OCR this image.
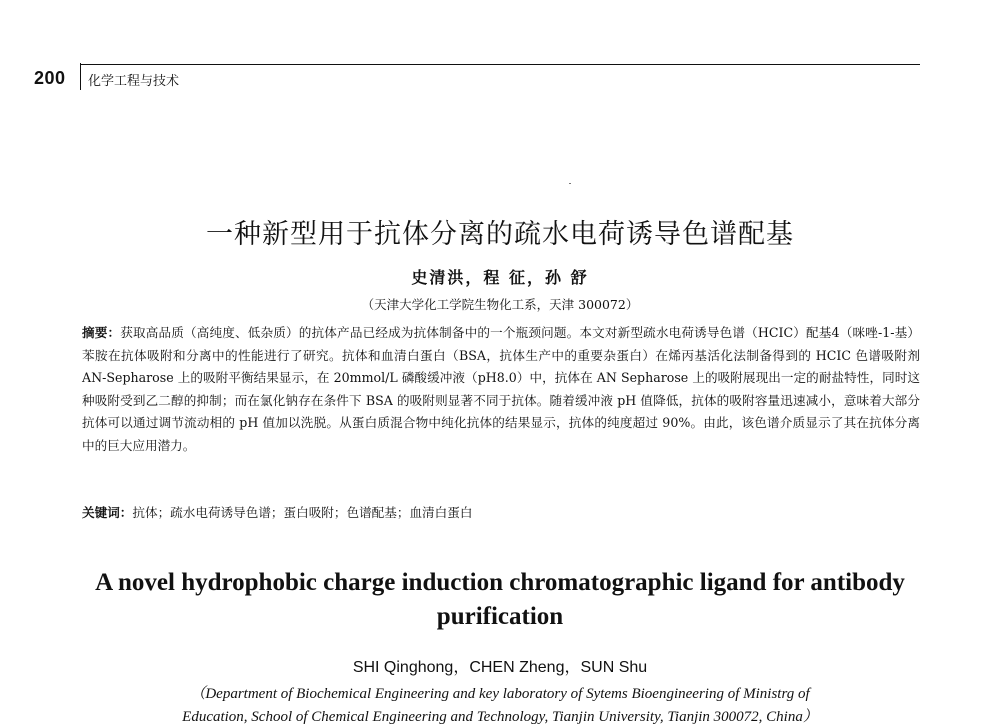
200 化学工程与技术
一种新型用于抗体分离的疏水电荷诱导色谱配基
史清洪，程 征，孙 舒
（天津大学化工学院生物化工系，天津 300072）
摘要：获取高品质（高纯度、低杂质）的抗体产品已经成为抗体制备中的一个瓶颈问题。本文对新型疏水电荷诱导色谱（HCIC）配基4（咪唑-1-基）苯胺在抗体吸附和分离中的性能进行了研究。抗体和血清白蛋白（BSA，抗体生产中的重要杂蛋白）在烯丙基活化法制备得到的 HCIC 色谱吸附剂 AN-Sepharose 上的吸附平衡结果显示，在 20mmol/L 磷酸缓冲液（pH8.0）中，抗体在 AN Sepharose 上的吸附展现出一定的耐盐特性，同时这种吸附受到乙二醇的抑制；而在氯化钠存在条件下 BSA 的吸附则显著不同于抗体。随着缓冲液 pH 值降低，抗体的吸附容量迅速减小，意味着大部分抗体可以通过调节流动相的 pH 值加以洗脱。从蛋白质混合物中纯化抗体的结果显示，抗体的纯度超过 90%。由此，该色谱介质显示了其在抗体分离中的巨大应用潜力。
关键词：抗体；疏水电荷诱导色谱；蛋白吸附；色谱配基；血清白蛋白
A novel hydrophobic charge induction chromatographic ligand for antibody purification
SHI Qinghong，CHEN Zheng，SUN Shu
（Department of Biochemical Engineering and key laboratory of Sytems Bioengineering of Ministrg of
Education, School of Chemical Engineering and Technology, Tianjin University, Tianjin 300072, China）
